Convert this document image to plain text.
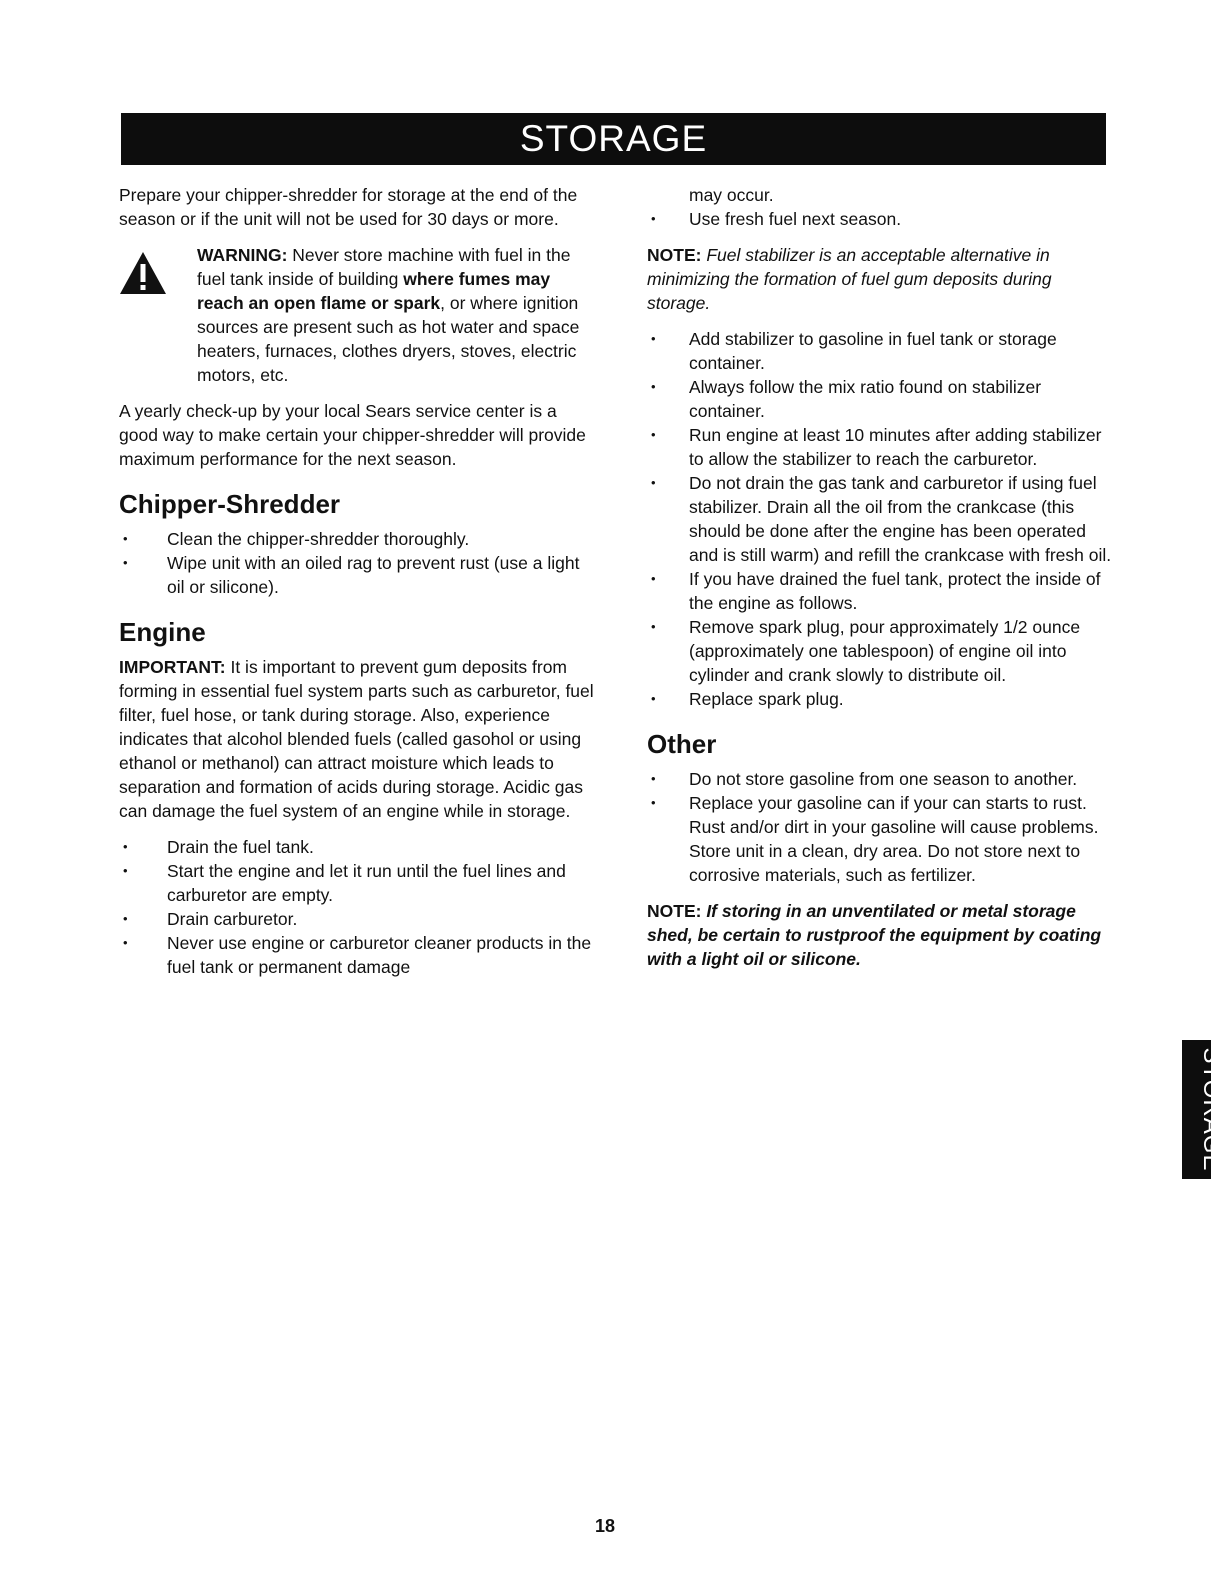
STORAGE

Prepare your chipper-shredder for storage at the end of the season or if the unit will not be used for 30 days or more.

WARNING: Never store machine with fuel in the fuel tank inside of building where fumes may reach an open flame or spark, or where ignition sources are present such as hot water and space heaters, furnaces, clothes dryers, stoves, electric motors, etc.

A yearly check-up by your local Sears service center is a good way to make certain your chipper-shredder will provide maximum performance for the next season.

Chipper-Shredder
• Clean the chipper-shredder thoroughly.
• Wipe unit with an oiled rag to prevent rust (use a light oil or silicone).
Engine

IMPORTANT: It is important to prevent gum deposits from forming in essential fuel system parts such as carburetor, fuel filter, fuel hose, or tank during storage. Also, experience indicates that alcohol blended fuels (called gasohol or using ethanol or methanol) can attract moisture which leads to separation and formation of acids during storage. Acidic gas can damage the fuel system of an engine while in storage.

• Drain the fuel tank.
• Start the engine and let it run until the fuel lines and carburetor are empty.
• Drain carburetor.
• Never use engine or carburetor cleaner products in the fuel tank or permanent damage

may occur.

• Use fresh fuel next season.

NOTE: Fuel stabilizer is an acceptable alternative in minimizing the formation of fuel gum deposits during storage.

• Add stabilizer to gasoline in fuel tank or storage container.
• Always follow the mix ratio found on stabilizer container.
• Run engine at least 10 minutes after adding stabilizer to allow the stabilizer to reach the carburetor.
• Do not drain the gas tank and carburetor if using fuel stabilizer. Drain all the oil from the crankcase (this should be done after the engine has been operated and is still warm) and refill the crankcase with fresh oil.
• If you have drained the fuel tank, protect the inside of the engine as follows.
• Remove spark plug, pour approximately 1/2 ounce (approximately one tablespoon) of engine oil into cylinder and crank slowly to distribute oil.
• Replace spark plug.
Other
• Do not store gasoline from one season to another.
• Replace your gasoline can if your can starts to rust. Rust and/or dirt in your gasoline will cause problems. Store unit in a clean, dry area. Do not store next to corrosive materials, such as fertilizer.

NOTE: If storing in an unventilated or metal storage shed, be certain to rustproof the equipment by coating with a light oil or silicone.

STORAGE
18
